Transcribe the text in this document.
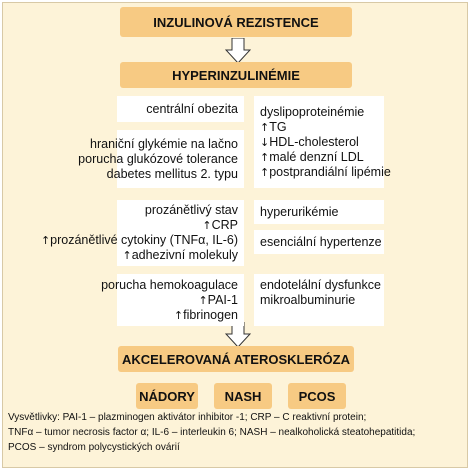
INZULINOVÁ REZISTENCE
HYPERINZULINÉMIE
centrální obezita
hraniční glykémie na lačno
porucha glukózové tolerance
dabetes mellitus 2. typu
prozánětlivý stav
↑CRP
↑prozánětlivé cytokiny (TNFα, IL-6)
↑adhezivní molekuly
porucha hemokoagulace
↑PAI-1
↑fibrinogen
dyslipoproteinémie
↑TG
↓HDL-cholesterol
↑malé denzní LDL
↑postprandiální lipémie
hyperurikémie
esenciální hypertenze
endotelální dysfunkce
mikroalbuminurie
AKCELEROVANÁ ATEROSKLERÓZA
NÁDORY NASH	PCOS
Vysvětlivky: PAI-1 – plazminogen aktivátor inhibitor -1; CRP – C reaktivní protein;
TNFα – tumor necrosis factor α; IL-6 – interleukin 6; NASH – nealkoholická steatohepatitida;
PCOS – syndrom polycystických ovárií
